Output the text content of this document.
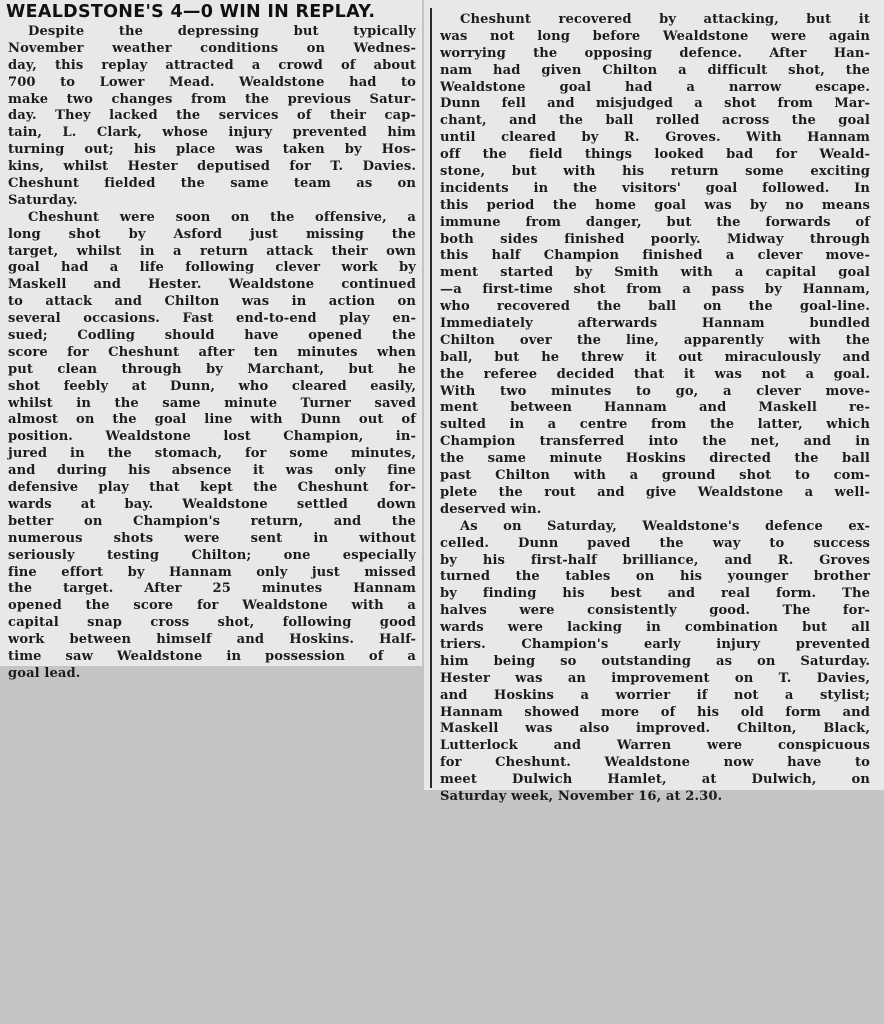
WEALDSTONE'S 4—0 WIN IN REPLAY.
Despite the depressing but typically
November weather conditions on Wednes-
day, this replay attracted a crowd of about
700 to Lower Mead. Wealdstone had to
make two changes from the previous Satur-
day. They lacked the services of their cap-
tain, L. Clark, whose injury prevented him
turning out; his place was taken by Hos-
kins, whilst Hester deputised for T. Davies.
Cheshunt fielded the same team as on
Saturday.
Cheshunt were soon on the offensive, a
long shot by Asford just missing the
target, whilst in a return attack their own
goal had a life following clever work by
Maskell and Hester. Wealdstone continued
to attack and Chilton was in action on
several occasions. Fast end-to-end play en-
sued; Codling should have opened the
score for Cheshunt after ten minutes when
put clean through by Marchant, but he
shot feebly at Dunn, who cleared easily,
whilst in the same minute Turner saved
almost on the goal line with Dunn out of
position. Wealdstone lost Champion, in-
jured in the stomach, for some minutes,
and during his absence it was only fine
defensive play that kept the Cheshunt for-
wards at bay. Wealdstone settled down
better on Champion's return, and the
numerous shots were sent in without
seriously testing Chilton; one especially
fine effort by Hannam only just missed
the target. After 25 minutes Hannam
opened the score for Wealdstone with a
capital snap cross shot, following good
work between himself and Hoskins. Half-
time saw Wealdstone in possession of a
goal lead.
Cheshunt recovered by attacking, but it
was not long before Wealdstone were again
worrying the opposing defence. After Han-
nam had given Chilton a difficult shot, the
Wealdstone goal had a narrow escape.
Dunn fell and misjudged a shot from Mar-
chant, and the ball rolled across the goal
until cleared by R. Groves. With Hannam
off the field things looked bad for Weald-
stone, but with his return some exciting
incidents in the visitors' goal followed. In
this period the home goal was by no means
immune from danger, but the forwards of
both sides finished poorly. Midway through
this half Champion finished a clever move-
ment started by Smith with a capital goal
—a first-time shot from a pass by Hannam,
who recovered the ball on the goal-line.
Immediately afterwards Hannam bundled
Chilton over the line, apparently with the
ball, but he threw it out miraculously and
the referee decided that it was not a goal.
With two minutes to go, a clever move-
ment between Hannam and Maskell re-
sulted in a centre from the latter, which
Champion transferred into the net, and in
the same minute Hoskins directed the ball
past Chilton with a ground shot to com-
plete the rout and give Wealdstone a well-
deserved win.
As on Saturday, Wealdstone's defence ex-
celled. Dunn paved the way to success
by his first-half brilliance, and R. Groves
turned the tables on his younger brother
by finding his best and real form. The
halves were consistently good. The for-
wards were lacking in combination but all
triers. Champion's early injury prevented
him being so outstanding as on Saturday.
Hester was an improvement on T. Davies,
and Hoskins a worrier if not a stylist;
Hannam showed more of his old form and
Maskell was also improved. Chilton, Black,
Lutterlock and Warren were conspicuous
for Cheshunt. Wealdstone now have to
meet Dulwich Hamlet, at Dulwich, on
Saturday week, November 16, at 2.30.
